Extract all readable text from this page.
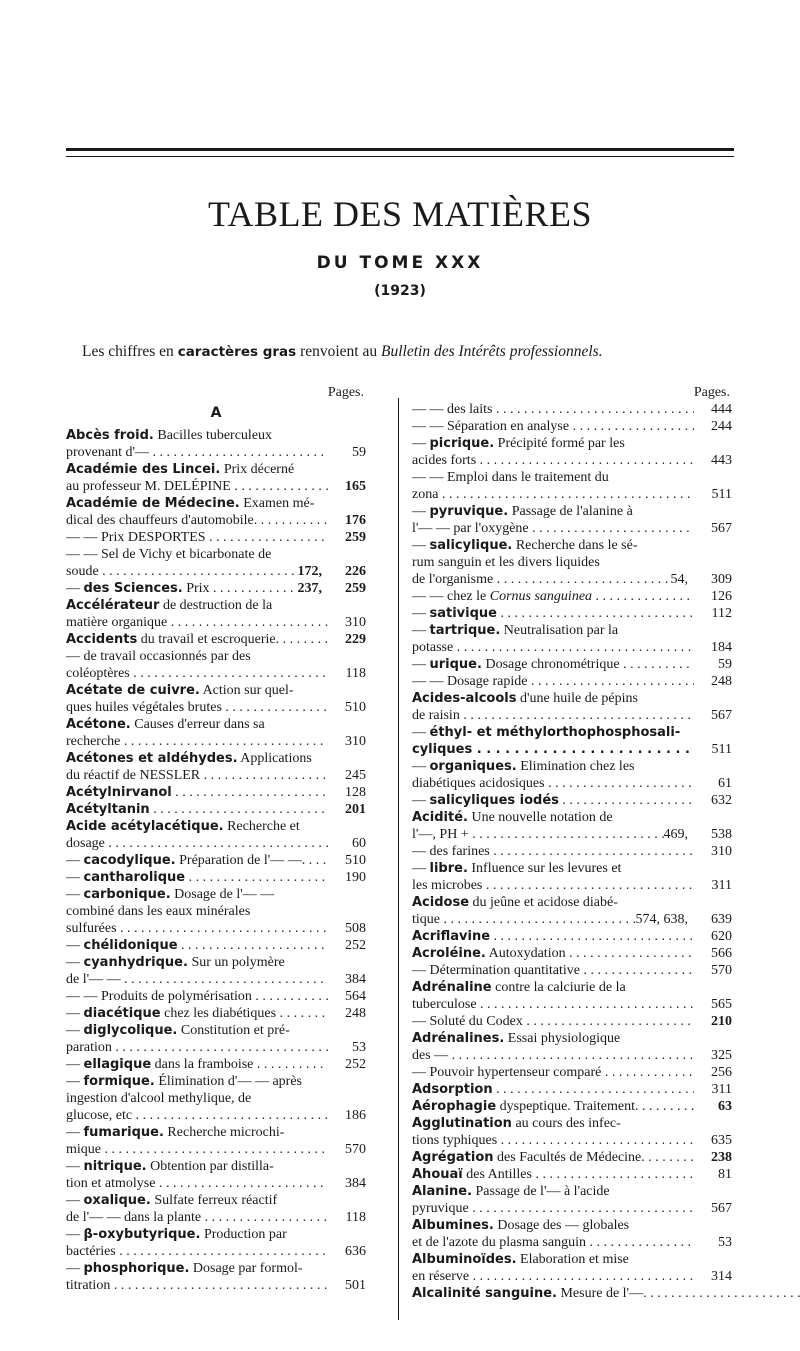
TABLE DES MATIÈRES
DU TOME XXX
(1923)
Les chiffres en caractères gras renvoient au Bulletin des Intérêts professionnels.
Pages.
A
Abcès froid. Bacilles tuberculeux
provenant d'— . . .	59
Académie des Lincei. Prix décerné
au professeur M. DELÉPINE . . .	165
Académie de Médecine. Examen mé-
dical des chauffeurs d'automobile. . . .	176
— — Prix DESPORTES . . .	259
— — Sel de Vichy et bicarbonate de
soude . . .	172,	226
— des Sciences. Prix . . .	237,	259
Accélérateur de destruction de la
matière organique . . .	310
Accidents du travail et escroquerie. . . .	229
— de travail occasionnés par des
coléoptères . . .	118
Acétate de cuivre. Action sur quel-
ques huiles végétales brutes . . .	510
Acétone. Causes d'erreur dans sa
recherche . . .	310
Acétones et aldéhydes. Applications
du réactif de NESSLER . . .	245
Acétylnirvanol . . .	128
Acétyltanin . . .	201
Acide acétylacétique. Recherche et
dosage . . .	60
— cacodylique. Préparation de l'— —. . . .	510
— cantharolique . . .	190
— carbonique. Dosage de l'— —
combiné dans les eaux minérales
sulfurées . . .	508
— chélidonique . . .	252
— cyanhydrique. Sur un polymère
de l'— — . . .	384
— — Produits de polymérisation . . .	564
— diacétique chez les diabétiques . . .	248
— diglycolique. Constitution et pré-
paration . . .	53
— ellagique dans la framboise . . .	252
— formique. Élimination d'— — après
ingestion d'alcool methylique, de
glucose, etc . . .	186
— fumarique. Recherche microchi-
mique . . .	570
— nitrique. Obtention par distilla-
tion et atmolyse . . .	384
— oxalique. Sulfate ferreux réactif
de l'— — dans la plante . . .	118
— β-oxybutyrique. Production par
bactéries . . .	636
— phosphorique. Dosage par formol-
titration . . .	501
Pages.
— — des laits . . .	444
— — Séparation en analyse . . .	244
— picrique. Précipité formé par les
acides forts . . .	443
— — Emploi dans le traitement du
zona . . .	511
— pyruvique. Passage de l'alanine à
l'— — par l'oxygène . . .	567
— salicylique. Recherche dans le sé-
rum sanguin et les divers liquides
de l'organisme . . .	54,	309
— — chez le Cornus sanguinea . . .	126
— sativique . . .	112
— tartrique. Neutralisation par la
potasse . . .	184
— urique. Dosage chronométrique . . .	59
— — Dosage rapide . . .	248
Acides-alcools d'une huile de pépins
de raisin . . .	567
— éthyl- et méthylorthophosphosali-
cyliques . . .	511
— organiques. Elimination chez les
diabétiques acidosiques . . .	61
— salicyliques iodés . . .	632
Acidité. Une nouvelle notation de
l'—, PH + . . .	469,	538
— des farines . . .	310
— libre. Influence sur les levures et
les microbes . . .	311
Acidose du jeûne et acidose diabé-
tique . . .	574, 638,	639
Acriflavine . . .	620
Acroléine. Autoxydation . . .	566
— Détermination quantitative . . .	570
Adrénaline contre la calciurie de la
tuberculose . . .	565
— Soluté du Codex . . .	210
Adrénalines. Essai physiologique
des — . . .	325
— Pouvoir hypertenseur comparé . . .	256
Adsorption . . .	311
Aérophagie dyspeptique. Traitement. . . .	63
Agglutination au cours des infec-
tions typhiques . . .	635
Agrégation des Facultés de Médecine. . . .	238
Ahouaï des Antilles . . .	81
Alanine. Passage de l'— à l'acide
pyruvique . . .	567
Albumines. Dosage des — globales
et de l'azote du plasma sanguin . . .	53
Albuminoïdes. Elaboration et mise
en réserve . . .	314
Alcalinité sanguine. Mesure de l'—. . . .
